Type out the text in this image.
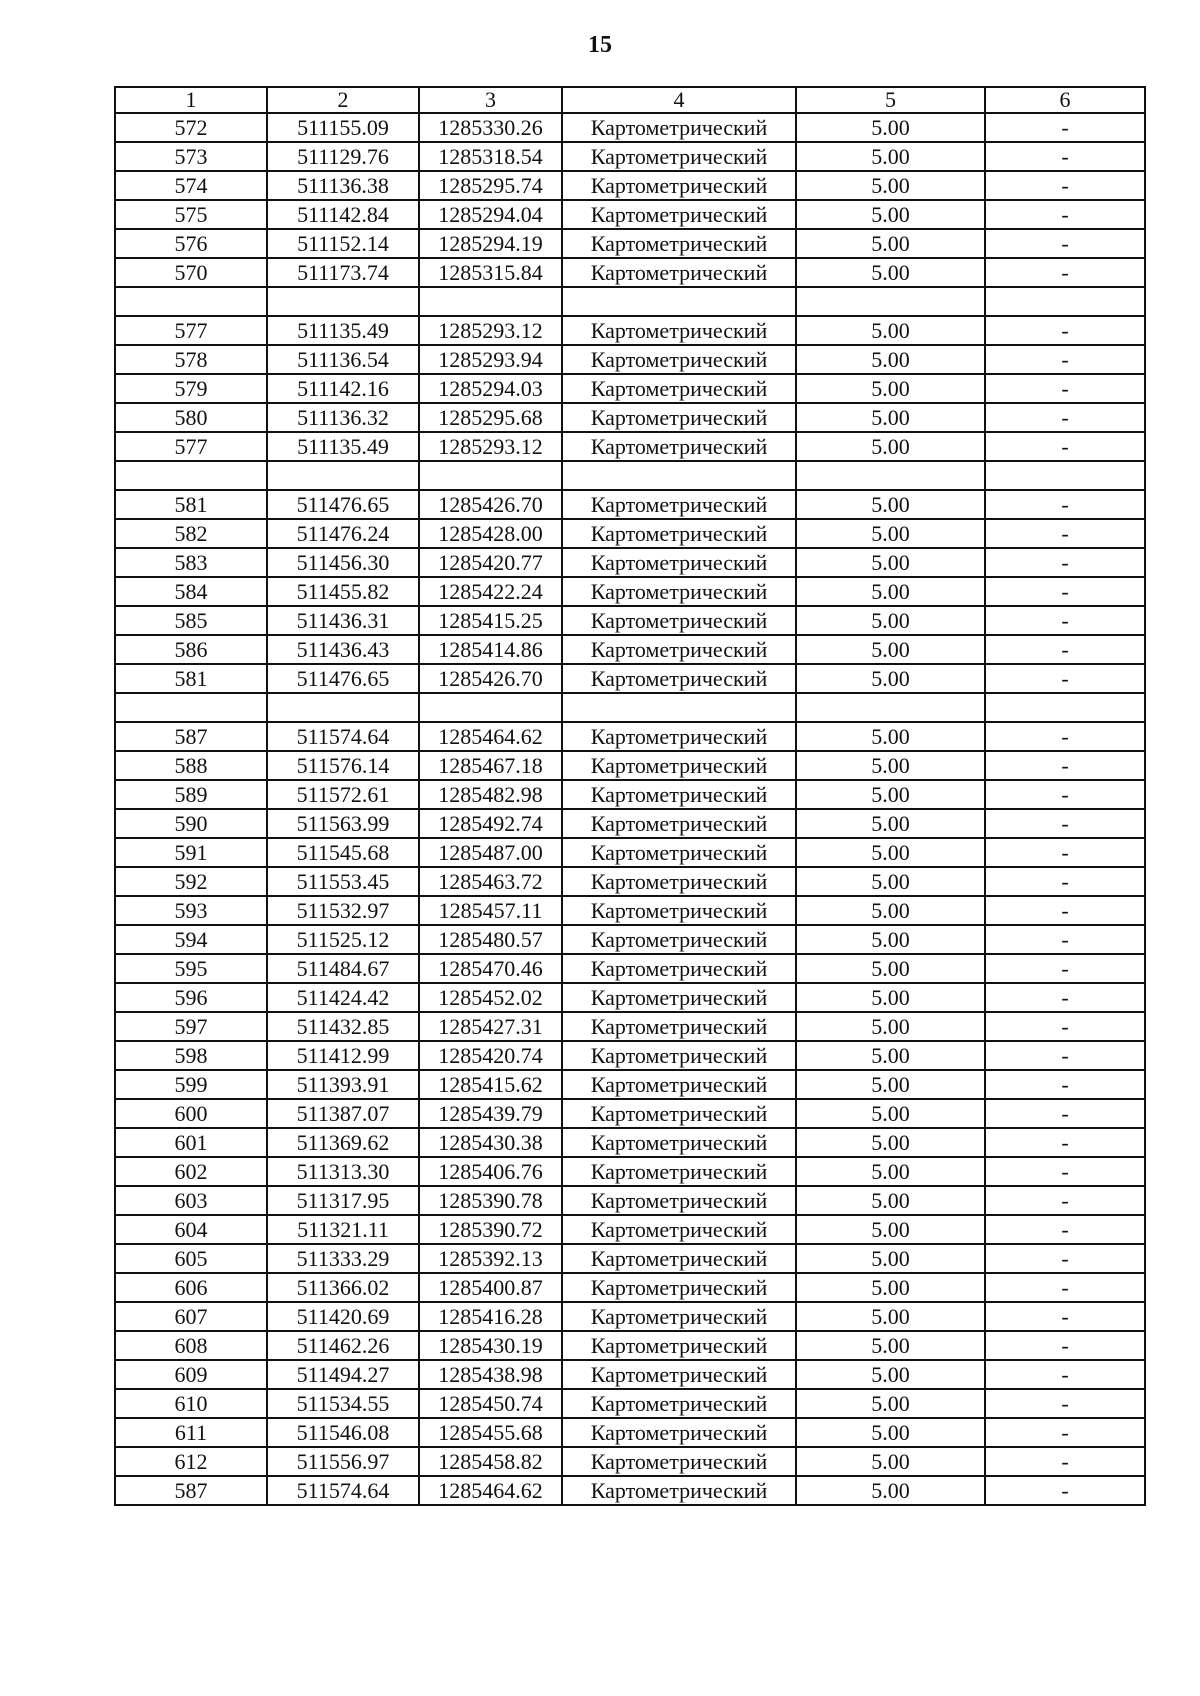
15
1	2	3	4	5	6
572	511155.09	1285330.26	Картометрический	5.00	-
573	511129.76	1285318.54	Картометрический	5.00	-
574	511136.38	1285295.74	Картометрический	5.00	-
575	511142.84	1285294.04	Картометрический	5.00	-
576	511152.14	1285294.19	Картометрический	5.00	-
570	511173.74	1285315.84	Картометрический	5.00	-

577	511135.49	1285293.12	Картометрический	5.00	-
578	511136.54	1285293.94	Картометрический	5.00	-
579	511142.16	1285294.03	Картометрический	5.00	-
580	511136.32	1285295.68	Картометрический	5.00	-
577	511135.49	1285293.12	Картометрический	5.00	-

581	511476.65	1285426.70	Картометрический	5.00	-
582	511476.24	1285428.00	Картометрический	5.00	-
583	511456.30	1285420.77	Картометрический	5.00	-
584	511455.82	1285422.24	Картометрический	5.00	-
585	511436.31	1285415.25	Картометрический	5.00	-
586	511436.43	1285414.86	Картометрический	5.00	-
581	511476.65	1285426.70	Картометрический	5.00	-

587	511574.64	1285464.62	Картометрический	5.00	-
588	511576.14	1285467.18	Картометрический	5.00	-
589	511572.61	1285482.98	Картометрический	5.00	-
590	511563.99	1285492.74	Картометрический	5.00	-
591	511545.68	1285487.00	Картометрический	5.00	-
592	511553.45	1285463.72	Картометрический	5.00	-
593	511532.97	1285457.11	Картометрический	5.00	-
594	511525.12	1285480.57	Картометрический	5.00	-
595	511484.67	1285470.46	Картометрический	5.00	-
596	511424.42	1285452.02	Картометрический	5.00	-
597	511432.85	1285427.31	Картометрический	5.00	-
598	511412.99	1285420.74	Картометрический	5.00	-
599	511393.91	1285415.62	Картометрический	5.00	-
600	511387.07	1285439.79	Картометрический	5.00	-
601	511369.62	1285430.38	Картометрический	5.00	-
602	511313.30	1285406.76	Картометрический	5.00	-
603	511317.95	1285390.78	Картометрический	5.00	-
604	511321.11	1285390.72	Картометрический	5.00	-
605	511333.29	1285392.13	Картометрический	5.00	-
606	511366.02	1285400.87	Картометрический	5.00	-
607	511420.69	1285416.28	Картометрический	5.00	-
608	511462.26	1285430.19	Картометрический	5.00	-
609	511494.27	1285438.98	Картометрический	5.00	-
610	511534.55	1285450.74	Картометрический	5.00	-
611	511546.08	1285455.68	Картометрический	5.00	-
612	511556.97	1285458.82	Картометрический	5.00	-
587	511574.64	1285464.62	Картометрический	5.00	-
